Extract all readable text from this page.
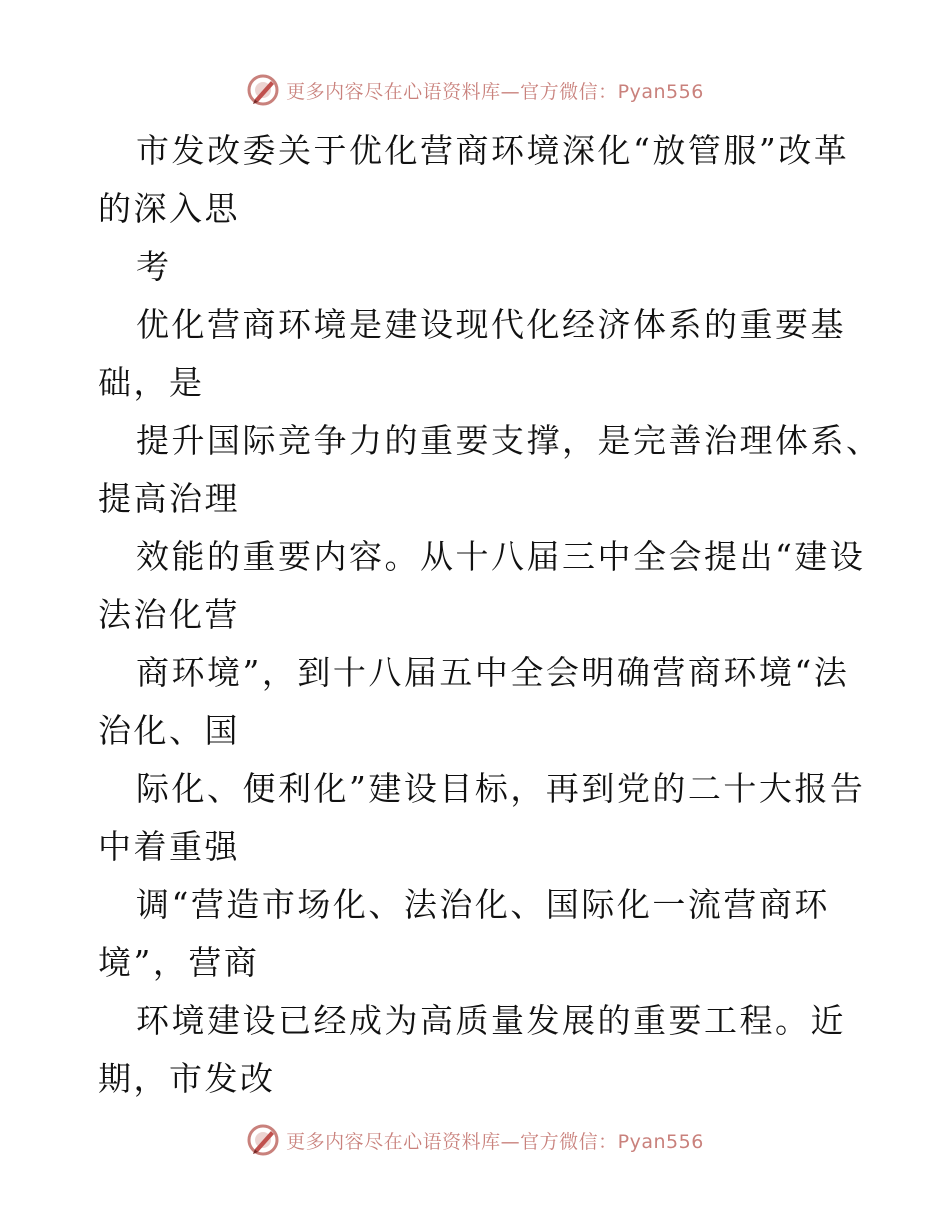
更多内容尽在心语资料库—官方微信：Pyan556
市发改委关于优化营商环境深化“放管服”改革
的深入思
考
优化营商环境是建设现代化经济体系的重要基
础，是
提升国际竞争力的重要支撑，是完善治理体系、
提高治理
效能的重要内容。从十八届三中全会提出“建设
法治化营
商环境”，到十八届五中全会明确营商环境“法
治化、国
际化、便利化”建设目标，再到党的二十大报告
中着重强
调“营造市场化、法治化、国际化一流营商环
境”，营商
环境建设已经成为高质量发展的重要工程。近
期，市发改
更多内容尽在心语资料库—官方微信：Pyan556
